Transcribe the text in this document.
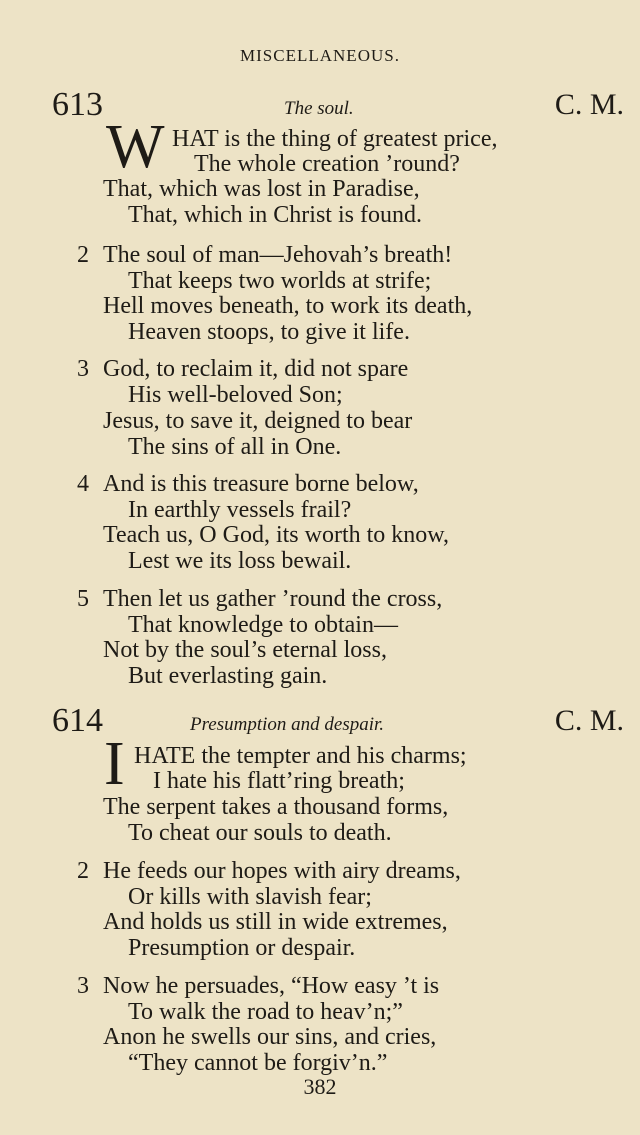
MISCELLANEOUS.
613	The soul.	C. M.
W HAT is the thing of greatest price,
The whole creation ’round?
That, which was lost in Paradise,
That, which in Christ is found.
2 The soul of man—Jehovah’s breath!
That keeps two worlds at strife;
Hell moves beneath, to work its death,
Heaven stoops, to give it life.
3 God, to reclaim it, did not spare
His well-beloved Son;
Jesus, to save it, deigned to bear
The sins of all in One.
4 And is this treasure borne below,
In earthly vessels frail?
Teach us, O God, its worth to know,
Lest we its loss bewail.
5 Then let us gather ’round the cross,
That knowledge to obtain—
Not by the soul’s eternal loss,
But everlasting gain.
614	Presumption and despair.	C. M.
I HATE the tempter and his charms;
I hate his flatt’ring breath;
The serpent takes a thousand forms,
To cheat our souls to death.
2 He feeds our hopes with airy dreams,
Or kills with slavish fear;
And holds us still in wide extremes,
Presumption or despair.
3 Now he persuades, “How easy ’t is
To walk the road to heav’n;”
Anon he swells our sins, and cries,
“They cannot be forgiv’n.”
382
